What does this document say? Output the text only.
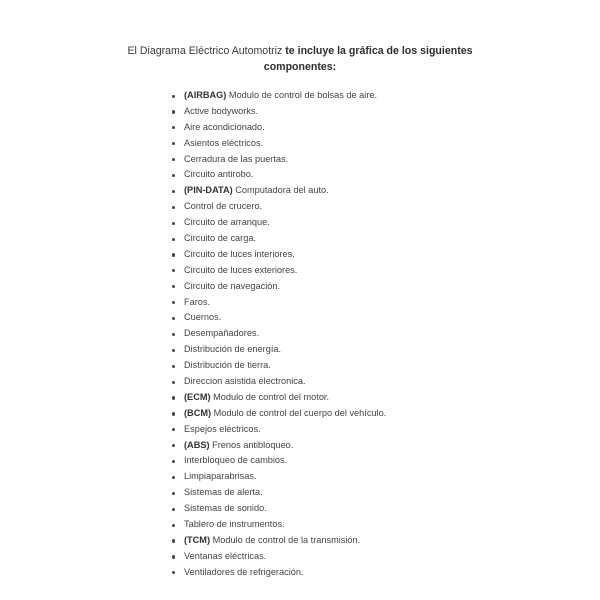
El Diagrama Eléctrico Automotriz te incluye la gráfica de los siguientes componentes:
(AIRBAG) Modulo de control de bolsas de aire.
Active bodyworks.
Aire acondicionado.
Asientos eléctricos.
Cerradura de las puertas.
Circuito antirobo.
(PIN-DATA) Computadora del auto.
Control de crucero.
Circuito de arranque.
Circuito de carga.
Circuito de luces interiores.
Circuito de luces exteriores.
Circuito de navegación.
Faros.
Cuernos.
Desempañadores.
Distribución de energía.
Distribución de tierra.
Direccion asistida electronica.
(ECM) Modulo de control del motor.
(BCM) Modulo de control del cuerpo del vehículo.
Espejos eléctricos.
(ABS) Frenos antibloqueo.
Interbloqueo de cambios.
Limpiaparabrisas.
Sistemas de alerta.
Sistemas de sonido.
Tablero de instrumentos.
(TCM) Modulo de control de la transmisión.
Ventanas eléctricas.
Ventiladores de refrigeración.
